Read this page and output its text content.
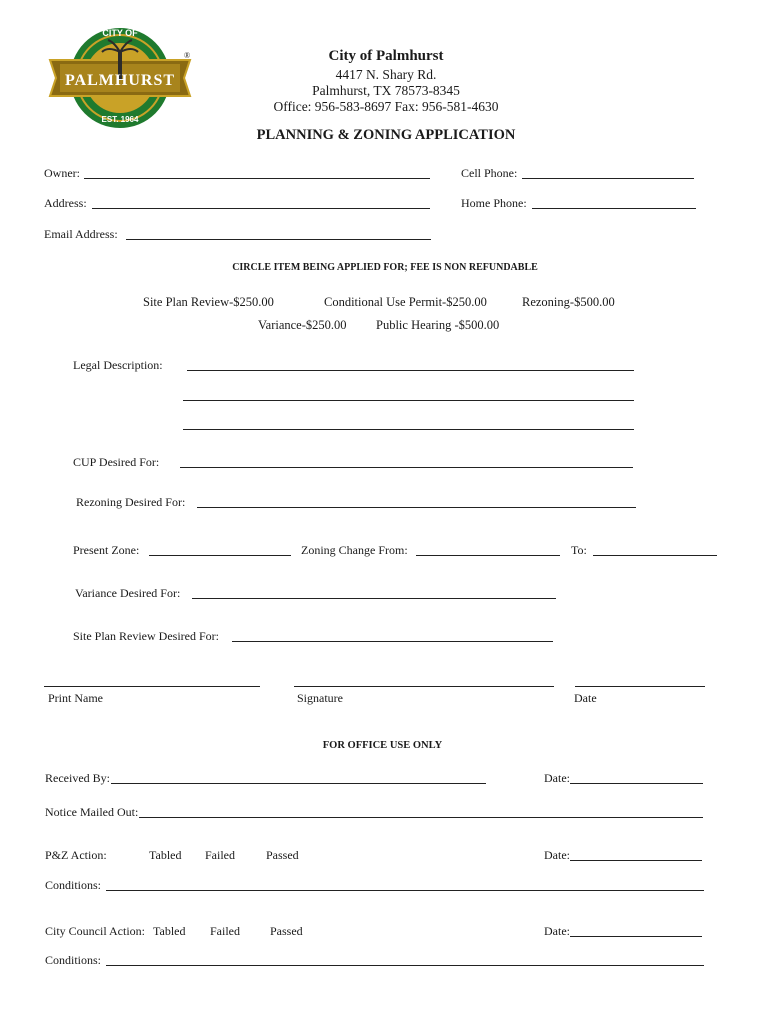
CITY OF
PALMHURST
EST. 1964
®	City of Palmhurst
4417 N. Shary Rd.
Palmhurst, TX 78573-8345
Office: 956-583-8697 Fax: 956-581-4630
PLANNING & ZONING APPLICATION
Owner:	Cell Phone:
Address:	Home Phone:
Email Address:
CIRCLE ITEM BEING APPLIED FOR; FEE IS NON REFUNDABLE
Site Plan Review-$250.00	Conditional Use Permit-$250.00	Rezoning-$500.00
Variance-$250.00 Public Hearing -$500.00
Legal Description:
CUP Desired For:
Rezoning Desired For:
Present Zone:	Zoning Change From:	To:
Variance Desired For:
Site Plan Review Desired For:
Print Name	Signature	Date
FOR OFFICE USE ONLY
Received By:	Date:
Notice Mailed Out:
P&Z Action:	Tabled Failed	Passed	Date:
Conditions:
City Council Action: Tabled Failed	Passed	Date:
Conditions:
